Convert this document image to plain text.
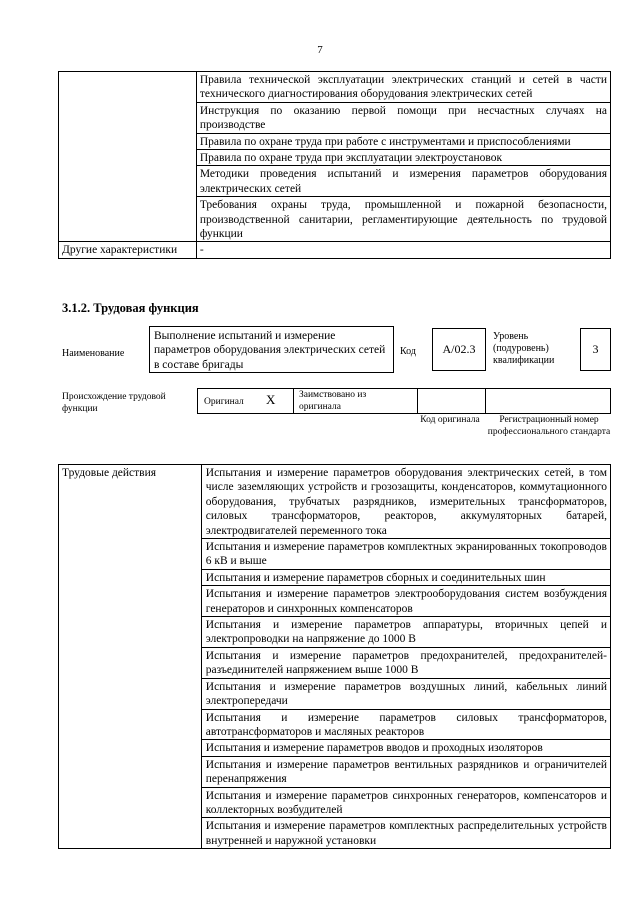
7
	Правила технической эксплуатации электрических станций и сетей в части технического диагностирования оборудования электрических сетей
	Инструкция по оказанию первой помощи при несчастных случаях на производстве
	Правила по охране труда при работе с инструментами и приспособлениями
	Правила по охране труда при эксплуатации электроустановок
	Методики проведения испытаний и измерения параметров оборудования электрических сетей
	Требования охраны труда, промышленной и пожарной безопасности, производственной санитарии, регламентирующие деятельность по трудовой функции
Другие характеристики	-
3.1.2. Трудовая функция
Наименование
Выполнение испытаний и измерение параметров оборудования электрических сетей в составе бригады
Код	A/02.3
Уровень (подуровень) квалификации
3
Происхождение трудовой функции
Оригинал X Заимствовано из оригинала
Код оригинала	Регистрационный номер профессионального стандарта
Трудовые действия	Испытания и измерение параметров оборудования электрических сетей, в том числе заземляющих устройств и грозозащиты, конденсаторов, коммутационного оборудования, трубчатых разрядников, измерительных трансформаторов, силовых трансформаторов, реакторов, аккумуляторных батарей, электродвигателей переменного тока
Испытания и измерение параметров комплектных экранированных токопроводов 6 кВ и выше
Испытания и измерение параметров сборных и соединительных шин
Испытания и измерение параметров электрооборудования систем возбуждения генераторов и синхронных компенсаторов
Испытания и измерение параметров аппаратуры, вторичных цепей и электропроводки на напряжение до 1000 В
Испытания и измерение параметров предохранителей, предохранителей-разъединителей напряжением выше 1000 В
Испытания и измерение параметров воздушных линий, кабельных линий электропередачи
Испытания и измерение параметров силовых трансформаторов, автотрансформаторов и масляных реакторов
Испытания и измерение параметров вводов и проходных изоляторов
Испытания и измерение параметров вентильных разрядников и ограничителей перенапряжения
Испытания и измерение параметров синхронных генераторов, компенсаторов и коллекторных возбудителей
Испытания и измерение параметров комплектных распределительных устройств внутренней и наружной установки
